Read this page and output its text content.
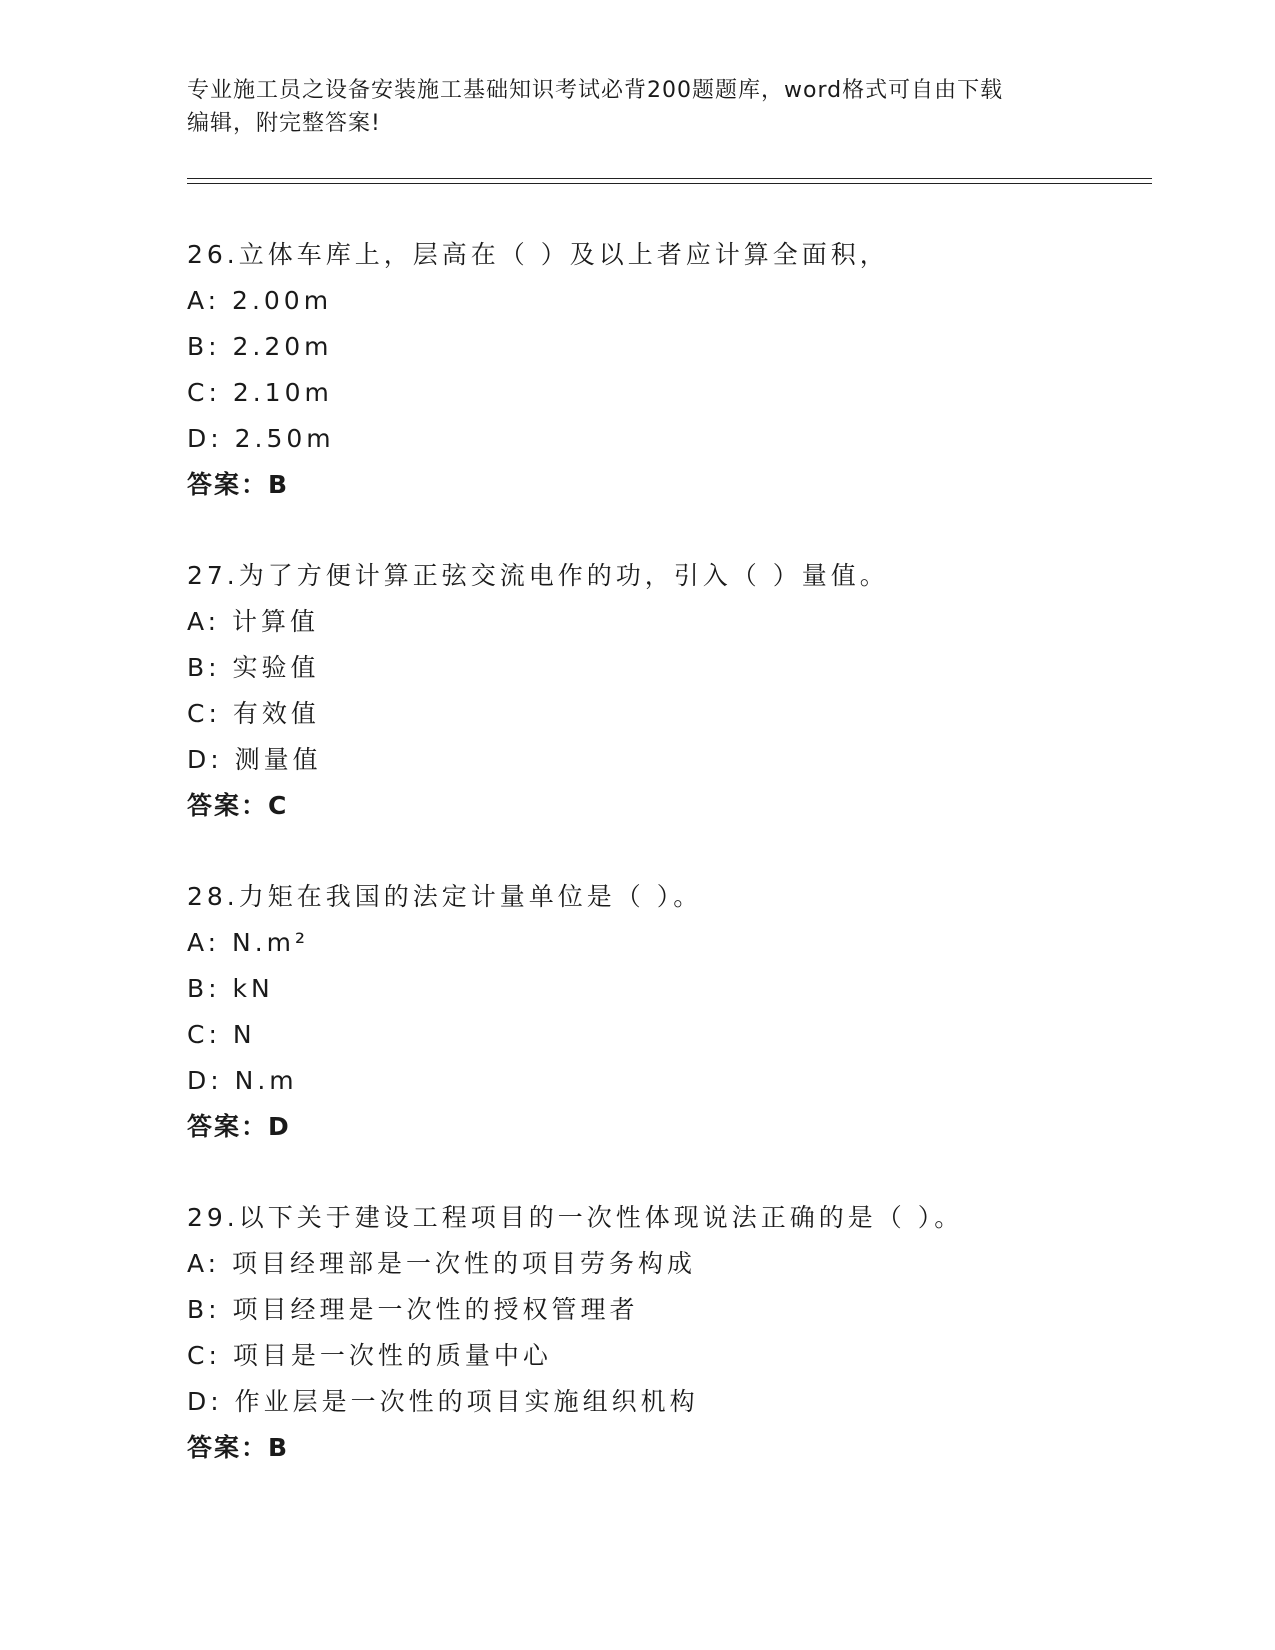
专业施工员之设备安装施工基础知识考试必背200题题库，word格式可自由下载
编辑，附完整答案!
26.立体车库上，层高在（ ）及以上者应计算全面积，
A: 2.00m
B: 2.20m
C: 2.10m
D: 2.50m
答案：B
27.为了方便计算正弦交流电作的功，引入（ ）量值。
A: 计算值
B: 实验值
C: 有效值
D: 测量值
答案：C
28.力矩在我国的法定计量单位是（ ）。
A: N.m²
B: kN
C: N
D: N.m
答案：D
29.以下关于建设工程项目的一次性体现说法正确的是（ ）。
A: 项目经理部是一次性的项目劳务构成
B: 项目经理是一次性的授权管理者
C: 项目是一次性的质量中心
D: 作业层是一次性的项目实施组织机构
答案：B
